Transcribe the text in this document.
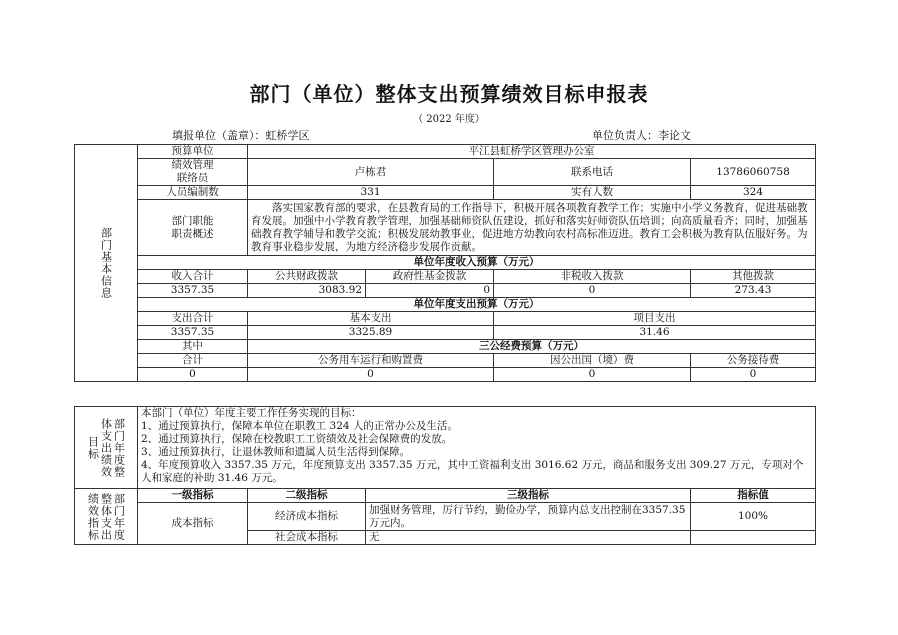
部门（单位）整体支出预算绩效目标申报表
（ 2022 年度）
填报单位（盖章）：虹桥学区	单位负责人：李论文
部门基本信息	预算单位	平江县虹桥学区管理办公室			

	绩效管理
联络员	卢栋君		联系电话	13786060758
	人员编制数	331		实有人数	324

	部门职能
职责概述	落实国家教育部的要求，在县教育局的工作指导下，积极开展各项教育教学工作；实施中小学义务教育，促进基础教育发展。加强中小学教育教学管理，加强基础师资队伍建设，抓好和落实好师资队伍培训；向高质量看齐；同时，加强基础教育教学辅导和教学交流；积极发展幼教事业，促进地方幼教向农村高标准迈进。教育工会积极为教育队伍服好务。为教育事业稳步发展，为地方经济稳步发展作贡献。			
	单位年度收入预算（万元）				
	收入合计	公共财政拨款	政府性基金拨款	非税收入拨款	其他拨款
	3357.35	3083.92	0	0	273.43
	单位年度支出预算（万元）				
	支出合计	基本支出		项目支出	
	3357.35	3325.89		31.46	
	其中	三公经费预算（万元）			
	合计	公务用车运行和购置费		因公出国（境）费	公务接待费
	0	0		0	0
部门年度整体支出绩效目标	本部门（单位）年度主要工作任务实现的目标：
1、通过预算执行，保障本单位在职教工 324 人的正常办公及生活。
2、通过预算执行，保障在校教职工工资绩效及社会保障费的发放。
3、通过预算执行，让退休教师和遗属人员生活得到保障。
4、年度预算收入 3357.35 万元，年度预算支出 3357.35 万元，其中工资福利支出 3016.62 万元，商品和服务支出 309.27 万元，专项对个人和家庭的补助 31.46 万元。			

部门年度整体支出绩效指标	一级指标	二级指标	三级指标	指标值
	成本指标	经济成本指标	加强财务管理，厉行节约，勤俭办学，预算内总支出控制在3357.35万元内。	100%
		社会成本指标	无	
